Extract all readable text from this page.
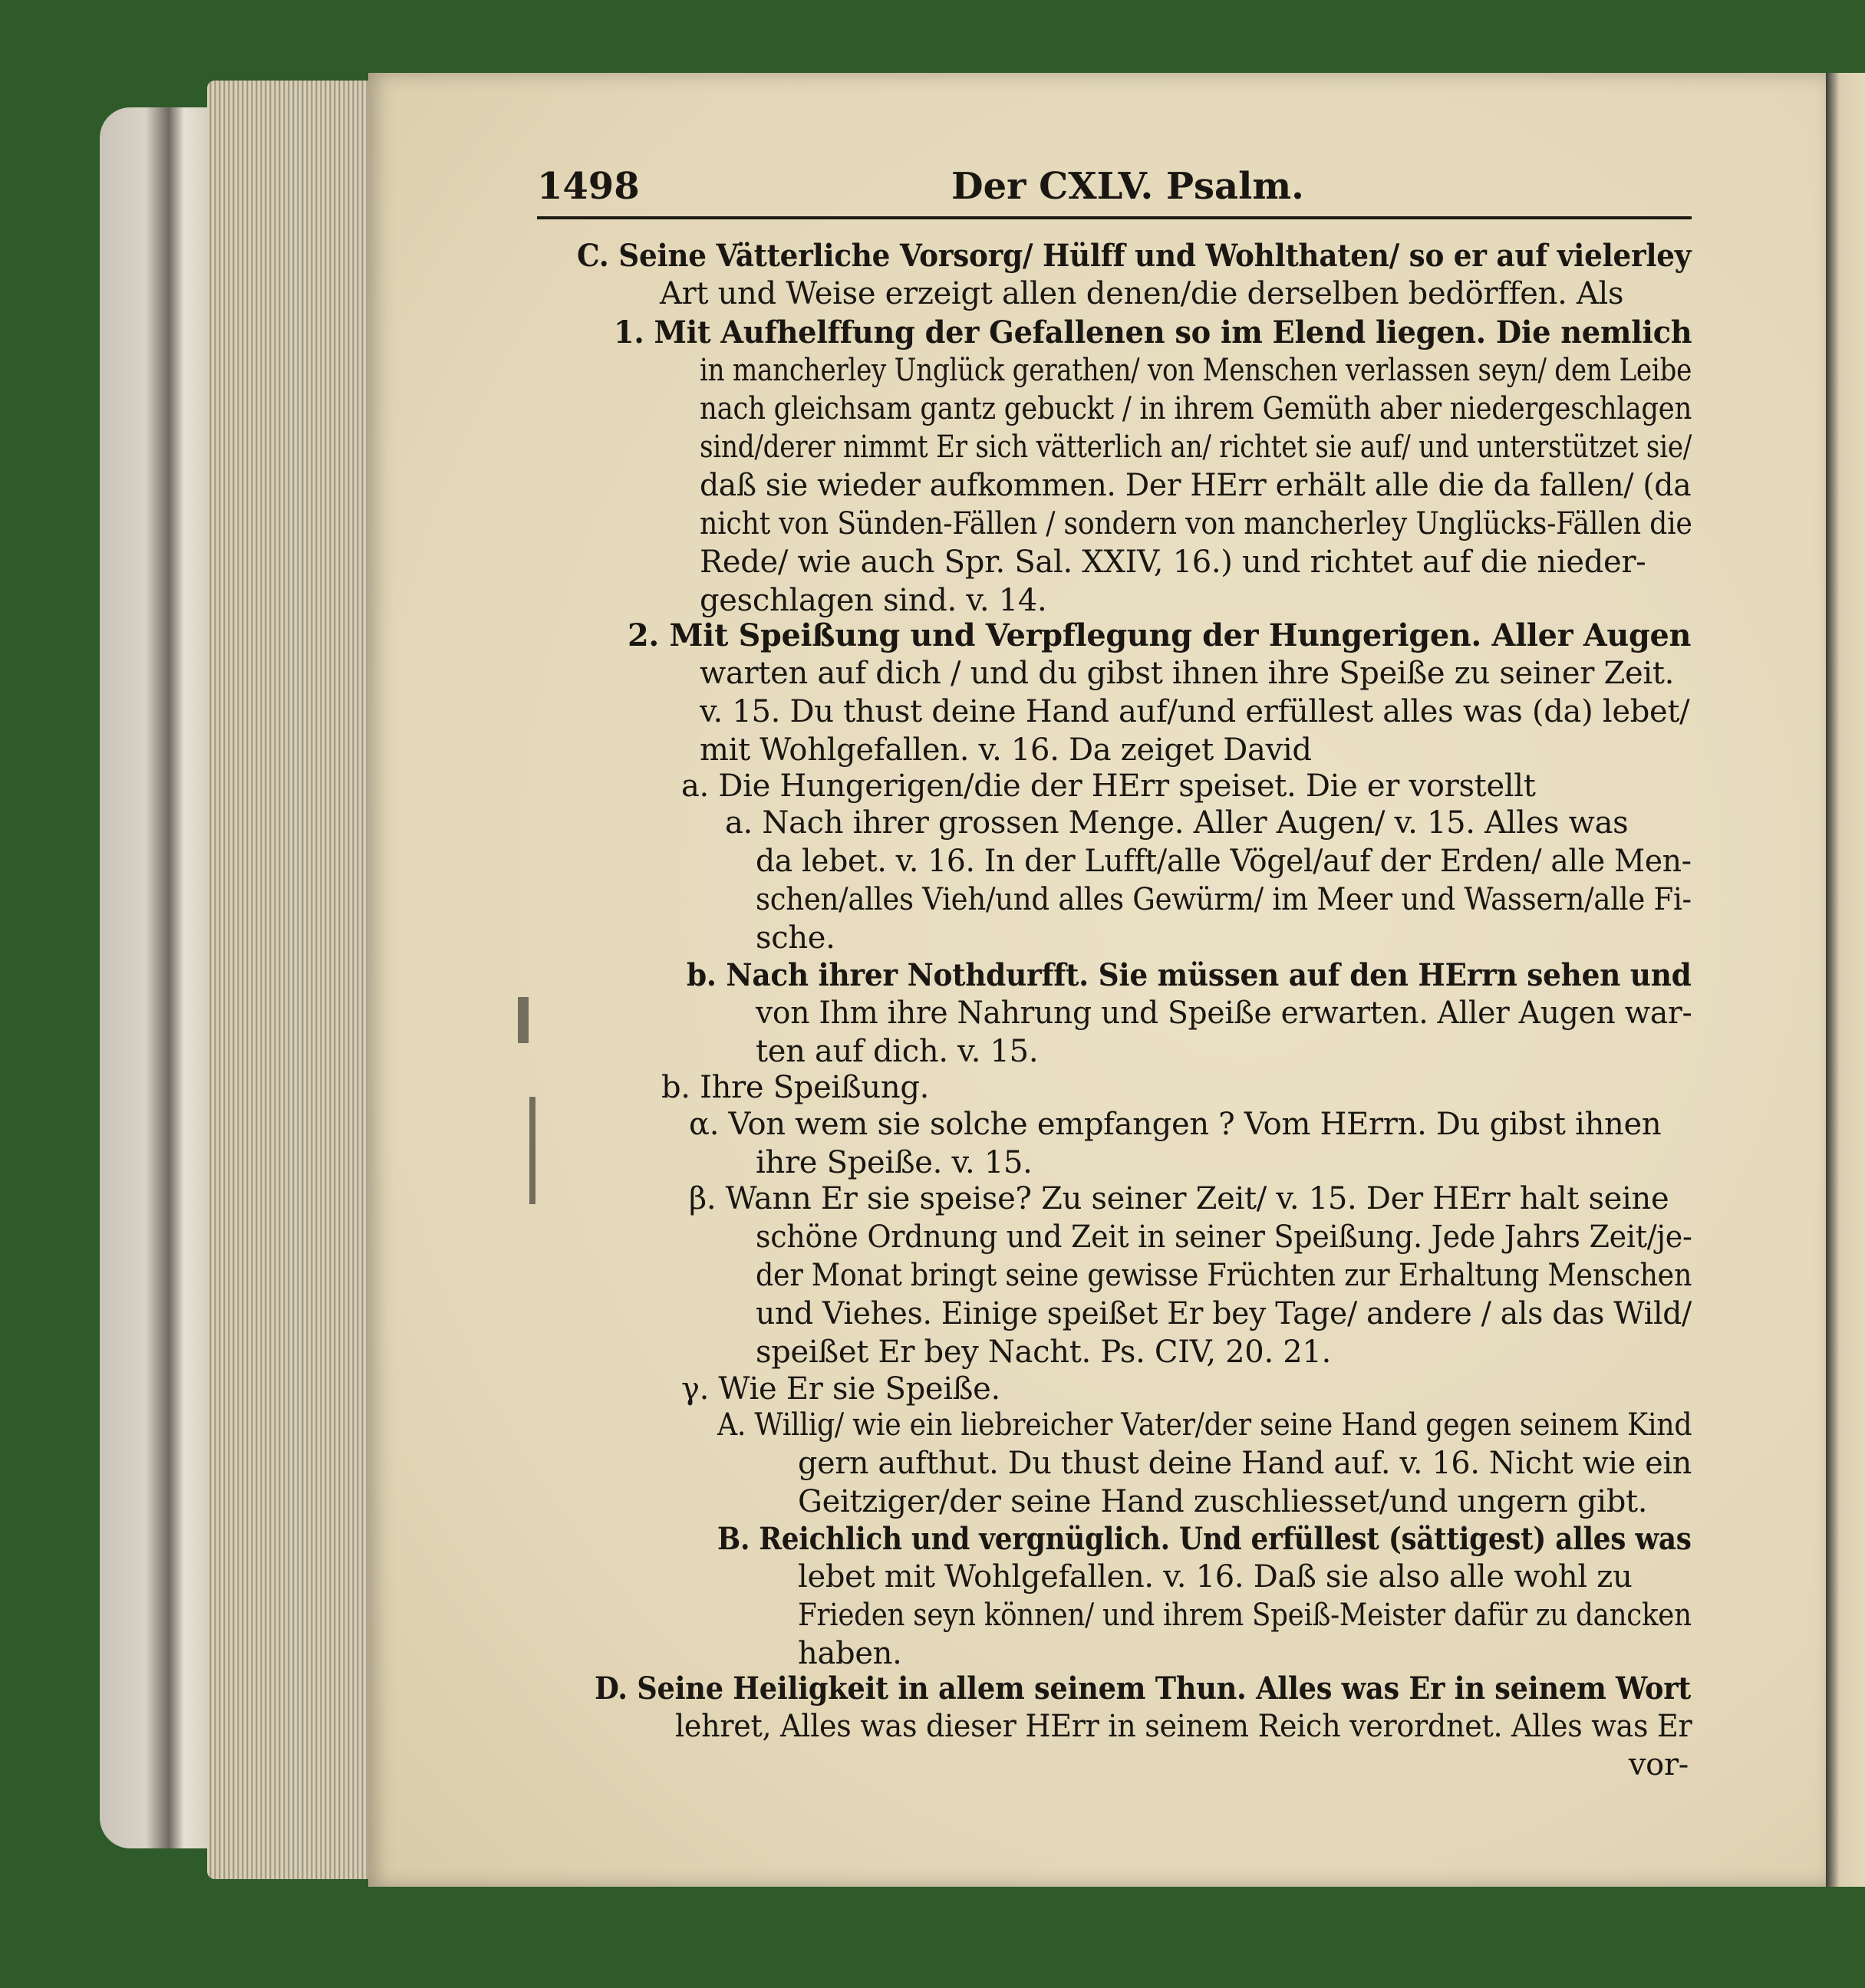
1498	Der CXLV. Psalm.
C. Seine Vätterliche Vorsorg/ Hülff und Wohlthaten/ so er auf vielerley
Art und Weise erzeigt allen denen/die derselben bedörffen. Als
1. Mit Aufhelffung der Gefallenen so im Elend liegen. Die nemlich
in mancherley Unglück gerathen/ von Menschen verlassen seyn/ dem Leibe
nach gleichsam gantz gebuckt / in ihrem Gemüth aber niedergeschlagen
sind/derer nimmt Er sich vätterlich an/ richtet sie auf/ und unterstützet sie/
daß sie wieder aufkommen. Der HErr erhält alle die da fallen/ (da
nicht von Sünden-Fällen / sondern von mancherley Unglücks-Fällen die
Rede/ wie auch Spr. Sal. XXIV, 16.) und richtet auf die nieder-
geschlagen sind. v. 14.
2. Mit Speißung und Verpflegung der Hungerigen. Aller Augen
warten auf dich / und du gibst ihnen ihre Speiße zu seiner Zeit.
v. 15. Du thust deine Hand auf/und erfüllest alles was (da) lebet/
mit Wohlgefallen. v. 16. Da zeiget David
a. Die Hungerigen/die der HErr speiset. Die er vorstellt
a. Nach ihrer grossen Menge. Aller Augen/ v. 15. Alles was
da lebet. v. 16. In der Lufft/alle Vögel/auf der Erden/ alle Men-
schen/alles Vieh/und alles Gewürm/ im Meer und Wassern/alle Fi-
sche.
b. Nach ihrer Nothdurfft. Sie müssen auf den HErrn sehen und
von Ihm ihre Nahrung und Speiße erwarten. Aller Augen war-
ten auf dich. v. 15.
b. Ihre Speißung.
α. Von wem sie solche empfangen ? Vom HErrn. Du gibst ihnen
ihre Speiße. v. 15.
β. Wann Er sie speise? Zu seiner Zeit/ v. 15. Der HErr halt seine
schöne Ordnung und Zeit in seiner Speißung. Jede Jahrs Zeit/je-
der Monat bringt seine gewisse Früchten zur Erhaltung Menschen
und Viehes. Einige speißet Er bey Tage/ andere / als das Wild/
speißet Er bey Nacht. Ps. CIV, 20. 21.
γ. Wie Er sie Speiße.
A. Willig/ wie ein liebreicher Vater/der seine Hand gegen seinem Kind
gern aufthut. Du thust deine Hand auf. v. 16. Nicht wie ein
Geitziger/der seine Hand zuschliesset/und ungern gibt.
B. Reichlich und vergnüglich. Und erfüllest (sättigest) alles was
lebet mit Wohlgefallen. v. 16. Daß sie also alle wohl zu
Frieden seyn können/ und ihrem Speiß-Meister dafür zu dancken
haben.
D. Seine Heiligkeit in allem seinem Thun. Alles was Er in seinem Wort
lehret, Alles was dieser HErr in seinem Reich verordnet. Alles was Er
vor-
